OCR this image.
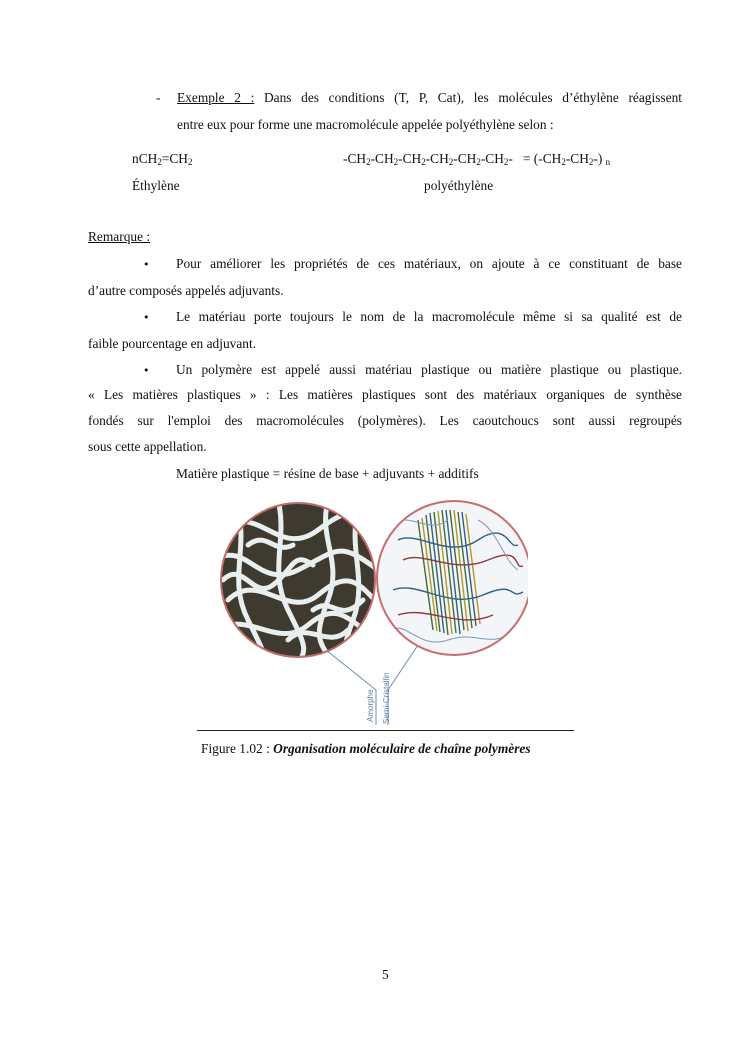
- Exemple 2 : Dans des conditions (T, P, Cat), les molécules d’éthylène réagissent
entre eux pour forme une macromolécule appelée polyéthylène selon :
$nCH_2=CH_2$	$-CH_2-CH_2-CH_2-CH_2-CH_2-CH_2- = (-CH_2-CH_2-)$ $_n$
Éthylène	polyéthylène
Remarque :
• Pour améliorer les propriétés de ces matériaux, on ajoute à ce constituant de base
d’autre composés appelés adjuvants.
• Le matériau porte toujours le nom de la macromolécule même si sa qualité est de
faible pourcentage en adjuvant.
• Un polymère est appelé aussi matériau plastique ou matière plastique ou plastique.
« Les matières plastiques » : Les matières plastiques sont des matériaux organiques de synthèse
fondés sur l'emploi des macromolécules (polymères). Les caoutchoucs sont aussi regroupés
sous cette appellation.
Matière plastique = résine de base + adjuvants + additifs
Amorphe Semi-Cristallin
Figure 1.02 : Organisation moléculaire de chaîne polymères
5
